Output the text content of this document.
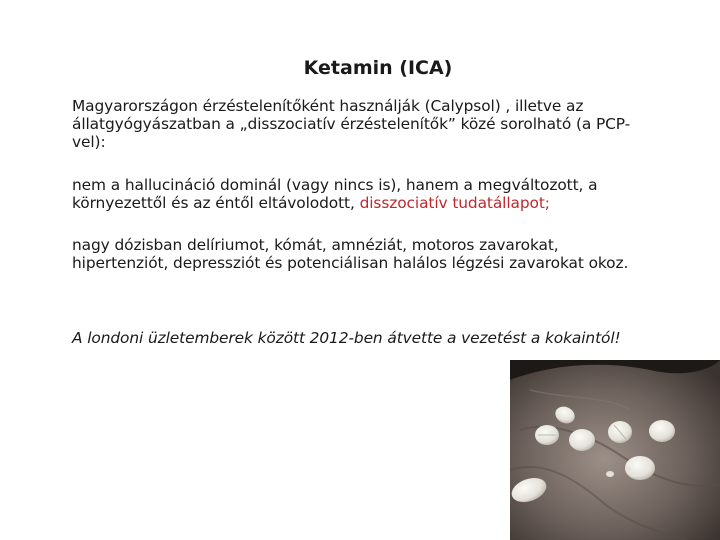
Ketamin (ICA)
Magyarországon érzéstelenítőként használják (Calypsol) , illetve az
állatgyógyászatban a „disszociatív érzéstelenítők” közé sorolható (a PCP-
vel):
nem a hallucináció dominál (vagy nincs is), hanem a megváltozott, a
környezettől és az éntől eltávolodott, disszociatív tudatállapot;
nagy dózisban delíriumot, kómát, amnéziát, motoros zavarokat,
hipertenziót, depressziót és potenciálisan halálos légzési zavarokat okoz.
A londoni üzletemberek között 2012-ben átvette a vezetést a kokaintól!
